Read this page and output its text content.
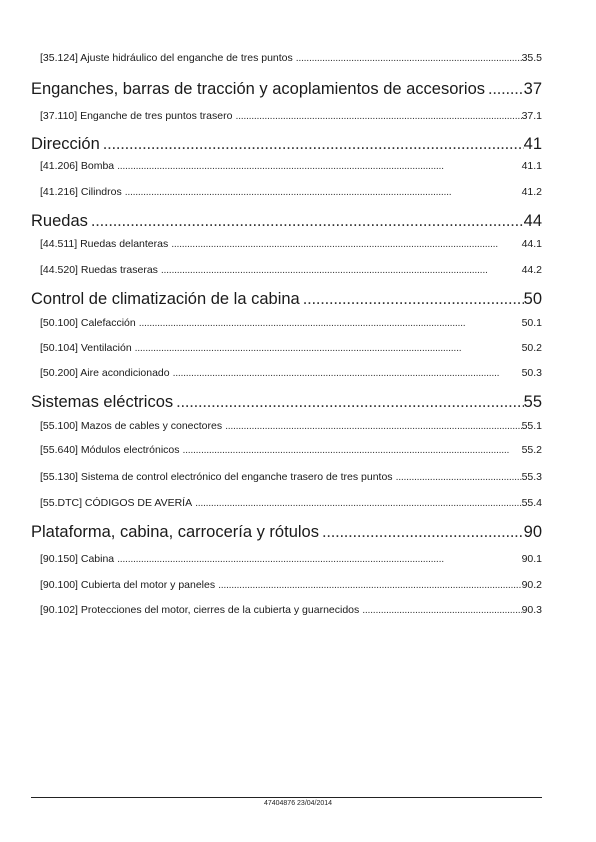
[35.124] Ajuste hidráulico del enganche de tres puntos . . .	35.5
Enganches, barras de tracción y acoplamientos de accesorios . . . 37
[37.110] Enganche de tres puntos trasero . . .	37.1
Dirección . . .	41
[41.206] Bomba . . .	41.1
[41.216] Cilindros . . .	41.2
Ruedas . . .	44
[44.511] Ruedas delanteras . . .	44.1
[44.520] Ruedas traseras . . .	44.2
Control de climatización de la cabina . . .	50
[50.100] Calefacción . . .	50.1
[50.104] Ventilación . . .	50.2
[50.200] Aire acondicionado . . .	50.3
Sistemas eléctricos . . .	55
[55.100] Mazos de cables y conectores . . .	55.1
[55.640] Módulos electrónicos . . .	55.2
[55.130] Sistema de control electrónico del enganche trasero de tres puntos . . .	55.3
[55.DTC] CÓDIGOS DE AVERÍA . . .	55.4
Plataforma, cabina, carrocería y rótulos . . .	90
[90.150] Cabina . . .	90.1
[90.100] Cubierta del motor y paneles . . .	90.2
[90.102] Protecciones del motor, cierres de la cubierta y guarnecidos . . .	90.3
47404876 23/04/2014
